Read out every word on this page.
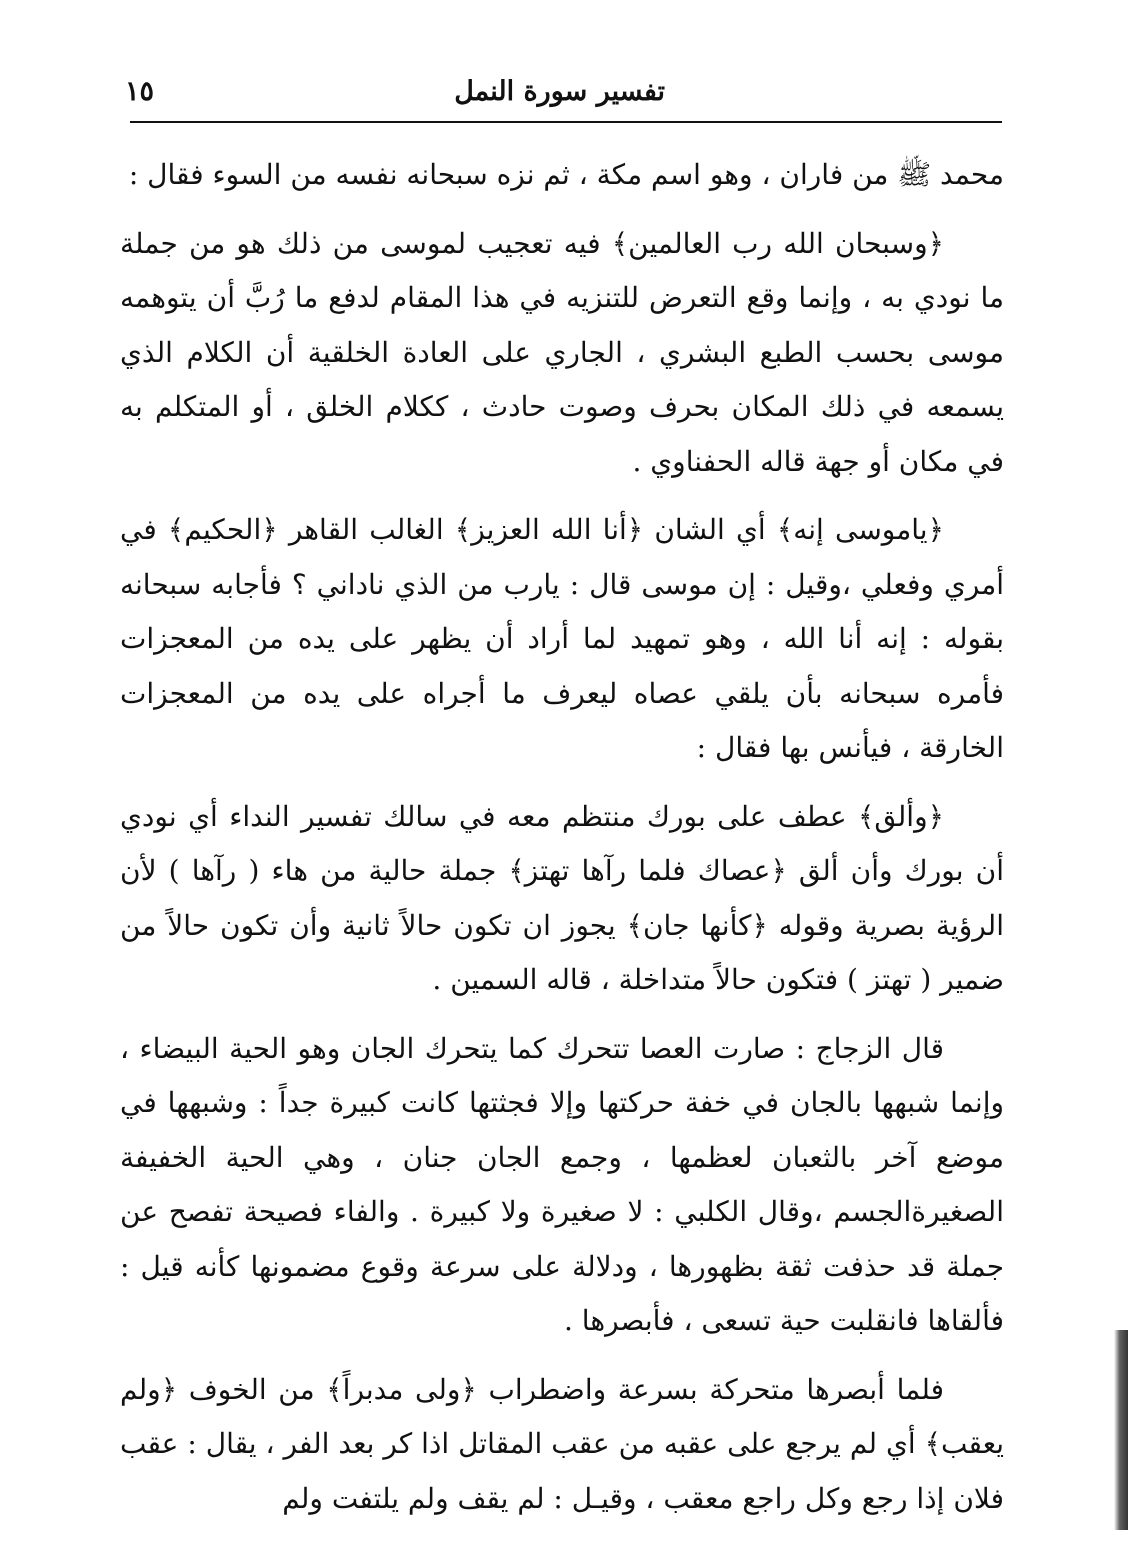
تفسير سورة النمل
١٥

محمد ﷺ من فاران ، وهو اسم مكة ، ثم نزه سبحانه نفسه من السوء فقال :

﴿وسبحان الله رب العالمين﴾ فيه تعجيب لموسى من ذلك هو من جملة ما نودي به ، وإنما وقع التعرض للتنزيه في هذا المقام لدفع ما رُبَّ أن يتوهمه موسى بحسب الطبع البشري ، الجاري على العادة الخلقية أن الكلام الذي يسمعه في ذلك المكان بحرف وصوت حادث ، ككلام الخلق ، أو المتكلم به في مكان أو جهة قاله الحفناوي .

﴿ياموسى إنه﴾ أي الشان ﴿أنا الله العزيز﴾ الغالب القاهر ﴿الحكيم﴾ في أمري وفعلي ،وقيل : إن موسى قال : يارب من الذي ناداني ؟ فأجابه سبحانه بقوله : إنه أنا الله ، وهو تمهيد لما أراد أن يظهر على يده من المعجزات فأمره سبحانه بأن يلقي عصاه ليعرف ما أجراه على يده من المعجزات الخارقة ، فيأنس بها فقال :

﴿وألق﴾ عطف على بورك منتظم معه في سالك تفسير النداء أي نودي أن بورك وأن ألق ﴿عصاك فلما رآها تهتز﴾ جملة حالية من هاء ( رآها ) لأن الرؤية بصرية وقوله ﴿كأنها جان﴾ يجوز ان تكون حالاً ثانية وأن تكون حالاً من ضمير ( تهتز ) فتكون حالاً متداخلة ، قاله السمين .

قال الزجاج : صارت العصا تتحرك كما يتحرك الجان وهو الحية البيضاء ، وإنما شبهها بالجان في خفة حركتها وإلا فجثتها كانت كبيرة جداً : وشبهها في موضع آخر بالثعبان لعظمها ، وجمع الجان جنان ، وهي الحية الخفيفة الصغيرةالجسم ،وقال الكلبي : لا صغيرة ولا كبيرة . والفاء فصيحة تفصح عن جملة قد حذفت ثقة بظهورها ، ودلالة على سرعة وقوع مضمونها كأنه قيل : فألقاها فانقلبت حية تسعى ، فأبصرها .

فلما أبصرها متحركة بسرعة واضطراب ﴿ولى مدبراً﴾ من الخوف ﴿ولم يعقب﴾ أي لم يرجع على عقبه من عقب المقاتل اذا كر بعد الفر ، يقال : عقب فلان إذا رجع وكل راجع معقب ، وقيـل : لم يقف ولم يلتفت ولم
